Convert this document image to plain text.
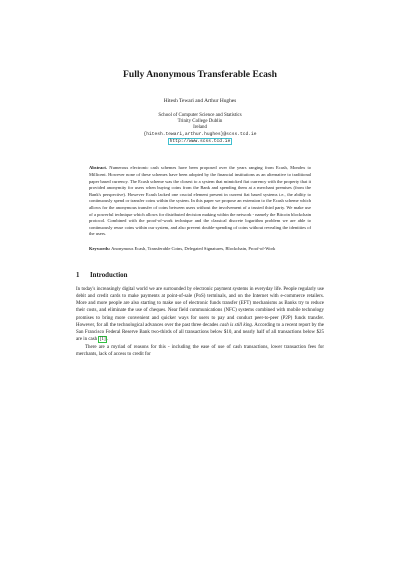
Fully Anonymous Transferable Ecash
Hitesh Tewari and Arthur Hughes
School of Computer Science and Statistics
Trinity College Dublin
Ireland
{hitesh.tewari,arthur.hughes}@scss.tcd.ie
http://www.scss.tcd.ie
Abstract. Numerous electronic cash schemes have been proposed over the years ranging from Ecash, Mondex to Millicent. However none of these schemes have been adopted by the financial institutions as an alternative to traditional paper based currency. The Ecash scheme was the closest to a system that mimicked fiat currency with the property that it provided anonymity for users when buying coins from the Bank and spending them at a merchant premises (from the Bank's perspective). However Ecash lacked one crucial element present in current fiat based systems i.e., the ability to continuously spend or transfer coins within the system. In this paper we propose an extension to the Ecash scheme which allows for the anonymous transfer of coins between users without the involvement of a trusted third party. We make use of a powerful technique which allows for distributed decision making within the network - namely the Bitcoin blockchain protocol. Combined with the proof-of-work technique and the classical discrete logarithm problem we are able to continuously reuse coins within our system, and also prevent double-spending of coins without revealing the identities of the users.
Keywords: Anonymous Ecash, Transferable Coins, Delegated Signatures, Blockchain, Proof-of-Work
1 Introduction

In today's increasingly digital world we are surrounded by electronic payment systems in everyday life. People regularly use debit and credit cards to make payments at point-of-sale (PoS) terminals, and on the Internet with e-commerce retailers. More and more people are also starting to make use of electronic funds transfer (EFT) mechanisms as Banks try to reduce their costs, and eliminate the use of cheques. Near field communications (NFC) systems combined with mobile technology promises to bring more convenient and quicker ways for users to pay and conduct peer-to-peer (P2P) funds transfer. However, for all the technological advances over the past three decades cash is still king. According to a recent report by the San Francisco Federal Reserve Bank two-thirds of all transactions below $10, and nearly half of all transactions below $25 are in cash [1] .

There are a myriad of reasons for this - including the ease of use of cash transactions, lower transaction fees for merchants, lack of access to credit for
